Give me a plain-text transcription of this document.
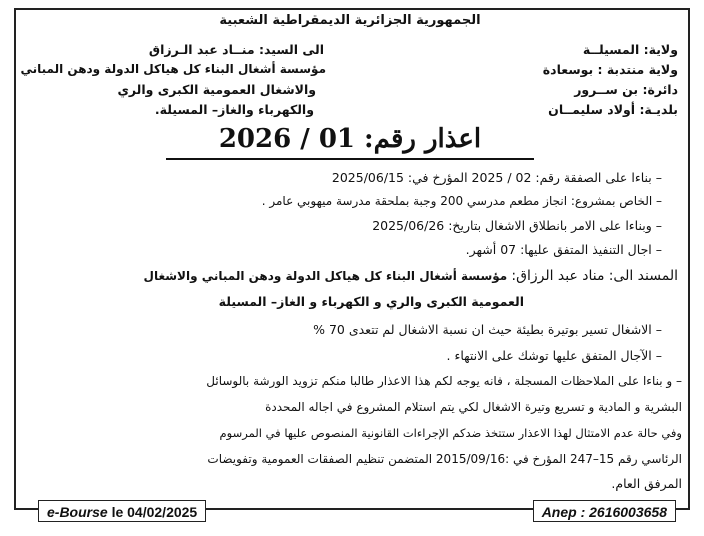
الجمهورية الجزائرية الديمقراطية الشعبية
ولاية: المسيلــة
ولاية منتدبة : بوسعادة
دائرة: بن ســرور
بلديـة: أولاد سليمــان
الى السيد: منــاد عبد الـرزاق
مؤسسة أشغال البناء كل هياكل الدولة ودهن المباني
والاشغال العمومية الكبرى والري
والكهرباء والغاز– المسيلة.
اعذار رقم: 01 / 2026
– بناءا على الصفقة رقم: 02 / 2025 المؤرخ في: 2025/06/15
– الخاص بمشروع: انجاز مطعم مدرسي 200 وجبة بملحقة مدرسة ميهوبي عامر .
– وبناءا على الامر بانطلاق الاشغال بتاريخ: 2025/06/26
– اجال التنفيذ المتفق عليها: 07 أشهر.
المسند الى: مناد عبد الرزاق: مؤسسة أشغال البناء كل هياكل الدولة ودهن المباني والاشغال
العمومية الكبرى والري و الكهرباء و الغاز– المسيلة
– الاشغال تسير بوتيرة بطيئة حيث ان نسبة الاشغال لم تتعدى 70 %
– الآجال المتفق عليها توشك على الانتهاء .
– و بناءا على الملاحظات المسجلة ، فانه يوجه لكم هذا الاعذار طالبا منكم تزويد الورشة بالوسائل
البشرية و المادية و تسريع وتيرة الاشغال لكي يتم استلام المشروع في اجاله المحددة
وفي حالة عدم الامتثال لهذا الاعذار ستتخذ ضدكم الإجراءات القانونية المنصوص عليها في المرسوم
الرئاسي رقم 15–247 المؤرخ في :2015/09/16 المتضمن تنظيم الصفقات العمومية وتفويضات
المرفق العام.
e-Bourse le 04/02/2025	Anep : 2616003658
